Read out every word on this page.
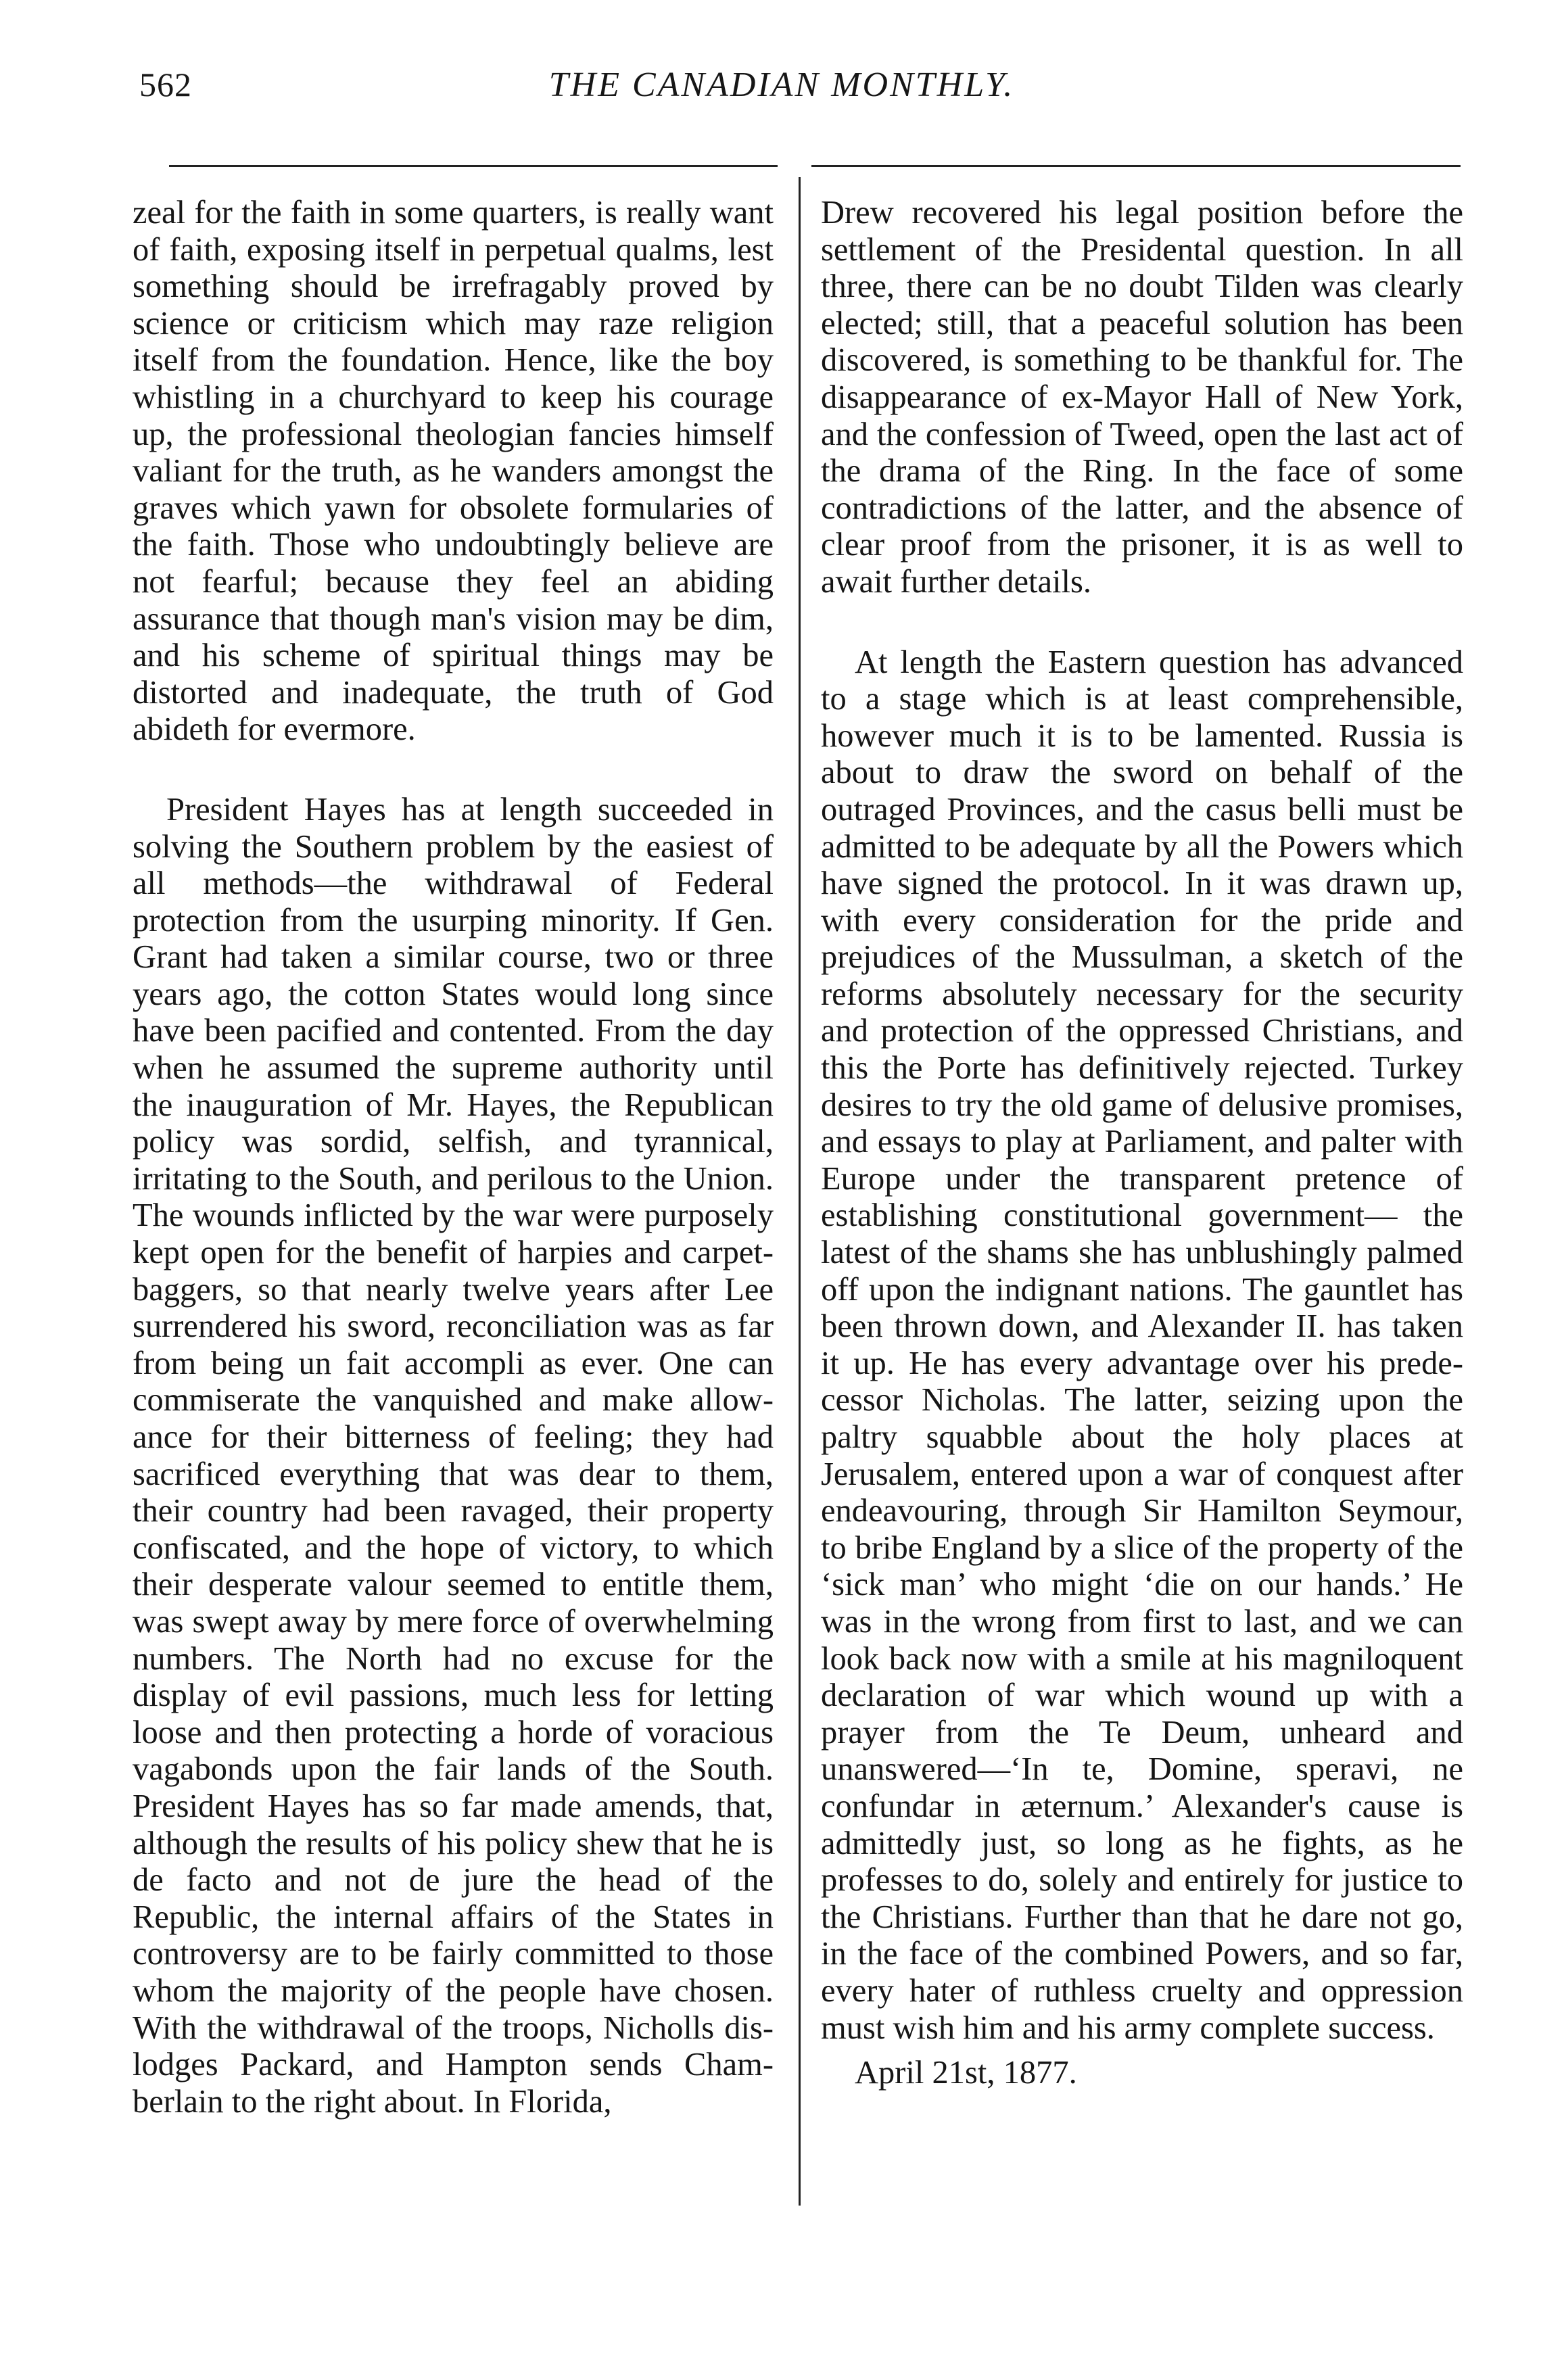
562	THE CANADIAN MONTHLY.

zeal for the faith in some quarters, is really want of faith, exposing itself in perpetual qualms, lest something should be irrefragably proved by science or criticism which may raze religion itself from the foundation. Hence, like the boy whistling in a churchyard to keep his courage up, the professional theologian fancies himself valiant for the truth, as he wanders amongst the graves which yawn for obsolete formularies of the faith. Those who undoubtingly believe are not fearful; because they feel an abiding assurance that though man's vision may be dim, and his scheme of spiritual things may be distorted and inadequate, the truth of God abideth for evermore.

President Hayes has at length succeeded in solving the Southern problem by the easiest of all methods—the withdrawal of Federal protection from the usurping minority. If Gen. Grant had taken a similar course, two or three years ago, the cotton States would long since have been pacified and contented. From the day when he assumed the supreme authority until the inauguration of Mr. Hayes, the Republican policy was sordid, selfish, and tyrannical, irritating to the South, and perilous to the Union. The wounds inflicted by the war were purposely kept open for the benefit of harpies and carpet-baggers, so that nearly twelve years after Lee surrendered his sword, reconciliation was as far from being un fait accompli as ever. One can commiserate the vanquished and make allowance for their bitterness of feeling; they had sacrificed everything that was dear to them, their country had been ravaged, their property confiscated, and the hope of victory, to which their desperate valour seemed to entitle them, was swept away by mere force of overwhelming numbers. The North had no excuse for the display of evil passions, much less for letting loose and then protecting a horde of voracious vagabonds upon the fair lands of the South. President Hayes has so far made amends, that, although the results of his policy shew that he is de facto and not de jure the head of the Republic, the internal affairs of the States in controversy are to be fairly committed to those whom the majority of the people have chosen. With the withdrawal of the troops, Nicholls dislodges Packard, and Hampton sends Chamberlain to the right about. In Florida,

Drew recovered his legal position before the settlement of the Presidental question. In all three, there can be no doubt Tilden was clearly elected; still, that a peaceful solution has been discovered, is something to be thankful for. The disappearance of ex-Mayor Hall of New York, and the confession of Tweed, open the last act of the drama of the Ring. In the face of some contradictions of the latter, and the absence of clear proof from the prisoner, it is as well to await further details.

At length the Eastern question has advanced to a stage which is at least comprehensible, however much it is to be lamented. Russia is about to draw the sword on behalf of the outraged Provinces, and the casus belli must be admitted to be adequate by all the Powers which have signed the protocol. In it was drawn up, with every consideration for the pride and prejudices of the Mussulman, a sketch of the reforms absolutely necessary for the security and protection of the oppressed Christians, and this the Porte has definitively rejected. Turkey desires to try the old game of delusive promises, and essays to play at Parliament, and palter with Europe under the transparent pretence of establishing constitutional government— the latest of the shams she has unblushingly palmed off upon the indignant nations. The gauntlet has been thrown down, and Alexander II. has taken it up. He has every advantage over his predecessor Nicholas. The latter, seizing upon the paltry squabble about the holy places at Jerusalem, entered upon a war of conquest after endeavouring, through Sir Hamilton Seymour, to bribe England by a slice of the property of the ‘sick man’ who might ‘die on our hands.’ He was in the wrong from first to last, and we can look back now with a smile at his magniloquent declaration of war which wound up with a prayer from the Te Deum, unheard and unanswered—‘In te, Domine, speravi, ne confundar in æternum.’ Alexander's cause is admittedly just, so long as he fights, as he professes to do, solely and entirely for justice to the Christians. Further than that he dare not go, in the face of the combined Powers, and so far, every hater of ruthless cruelty and oppression must wish him and his army complete success.

April 21st, 1877.
